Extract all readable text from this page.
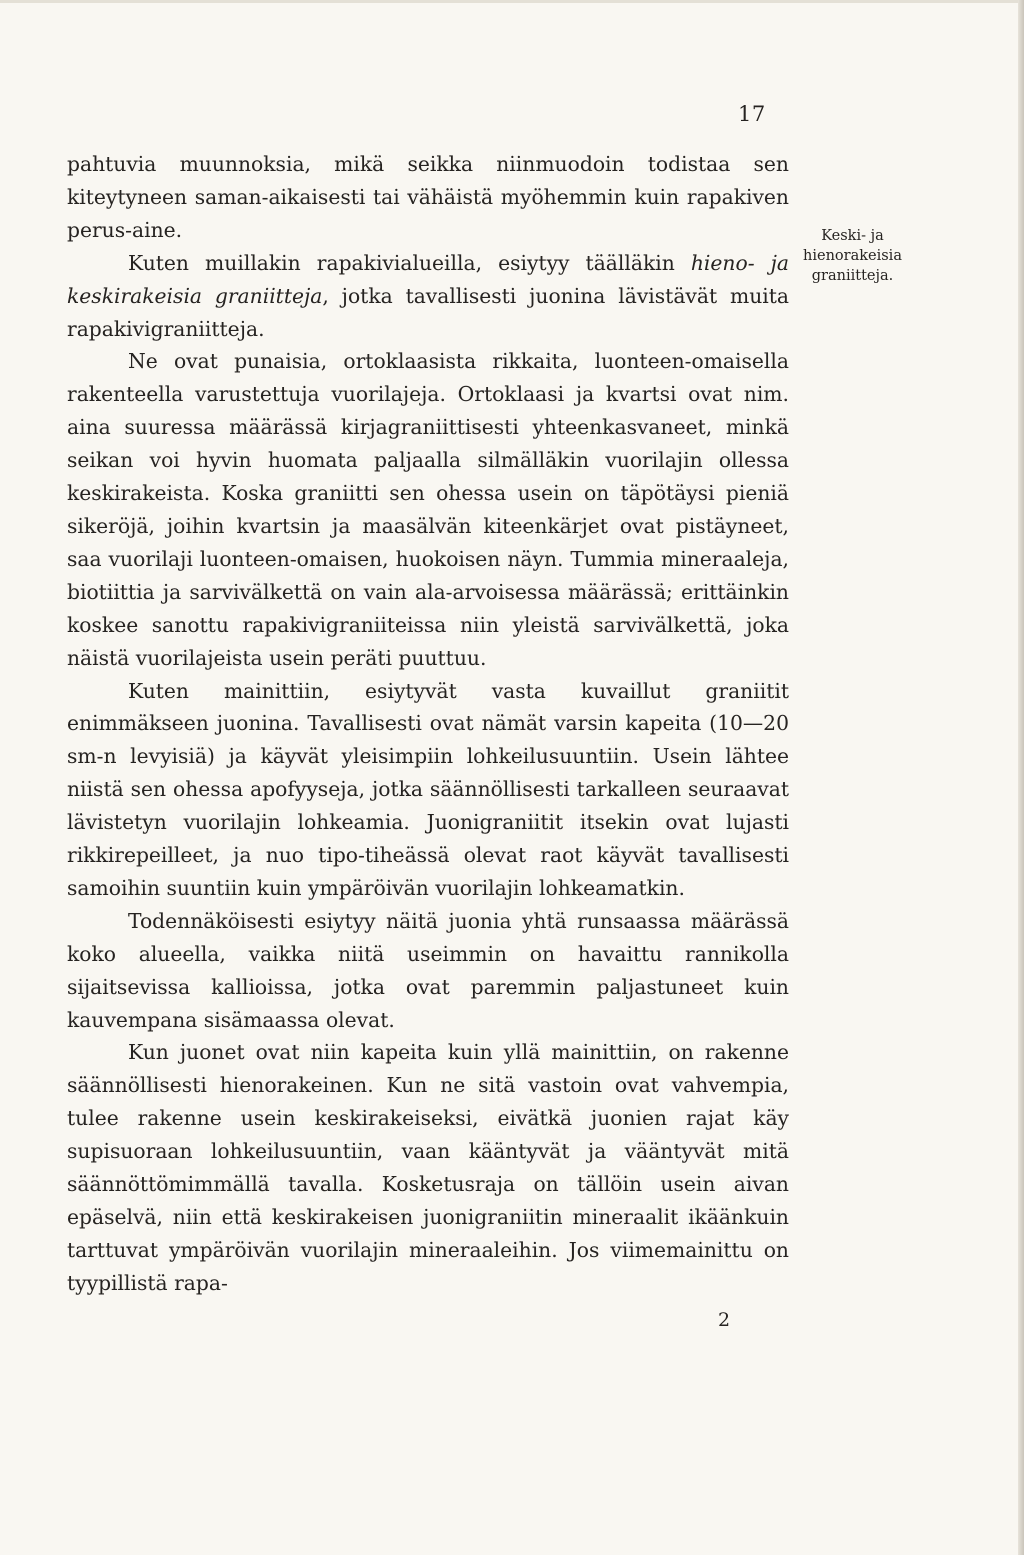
17
Keski- ja
hienorakeisia
graniitteja.

pahtuvia muunnoksia, mikä seikka niinmuodoin todistaa sen kiteytyneen saman-aikaisesti tai vähäistä myöhemmin kuin rapakiven perus-aine.

Kuten muillakin rapakivialueilla, esiytyy täälläkin hieno- ja keskirakeisia graniitteja, jotka tavallisesti juonina lävistävät muita rapakivigraniitteja.

Ne ovat punaisia, ortoklaasista rikkaita, luonteen-omaisella rakenteella varustettuja vuorilajeja. Ortoklaasi ja kvartsi ovat nim. aina suuressa määrässä kirjagraniittisesti yhteenkasvaneet, minkä seikan voi hyvin huomata paljaalla silmälläkin vuorilajin ollessa keskirakeista. Koska graniitti sen ohessa usein on täpötäysi pieniä sikeröjä, joihin kvartsin ja maasälvän kiteenkärjet ovat pistäyneet, saa vuorilaji luonteen-omaisen, huokoisen näyn. Tummia mineraaleja, biotiittia ja sarvivälkettä on vain ala-arvoisessa määrässä; erittäinkin koskee sanottu rapakivigraniiteissa niin yleistä sarvivälkettä, joka näistä vuorilajeista usein peräti puuttuu.

Kuten mainittiin, esiytyvät vasta kuvaillut graniitit enimmäkseen juonina. Tavallisesti ovat nämät varsin kapeita (10—20 sm-n levyisiä) ja käyvät yleisimpiin lohkeilusuuntiin. Usein lähtee niistä sen ohessa apofyyseja, jotka säännöllisesti tarkalleen seuraavat lävistetyn vuorilajin lohkeamia. Juonigraniitit itsekin ovat lujasti rikkirepeilleet, ja nuo tipo-tiheässä olevat raot käyvät tavallisesti samoihin suuntiin kuin ympäröivän vuorilajin lohkeamatkin.

Todennäköisesti esiytyy näitä juonia yhtä runsaassa määrässä koko alueella, vaikka niitä useimmin on havaittu rannikolla sijaitsevissa kallioissa, jotka ovat paremmin paljastuneet kuin kauvempana sisämaassa olevat.

Kun juonet ovat niin kapeita kuin yllä mainittiin, on rakenne säännöllisesti hienorakeinen. Kun ne sitä vastoin ovat vahvempia, tulee rakenne usein keskirakeiseksi, eivätkä juonien rajat käy supisuoraan lohkeilusuuntiin, vaan kääntyvät ja vääntyvät mitä säännöttömimmällä tavalla. Kosketusraja on tällöin usein aivan epäselvä, niin että keskirakeisen juonigraniitin mineraalit ikäänkuin tarttuvat ympäröivän vuorilajin mineraaleihin. Jos viimemainittu on tyypillistä rapa-

2
